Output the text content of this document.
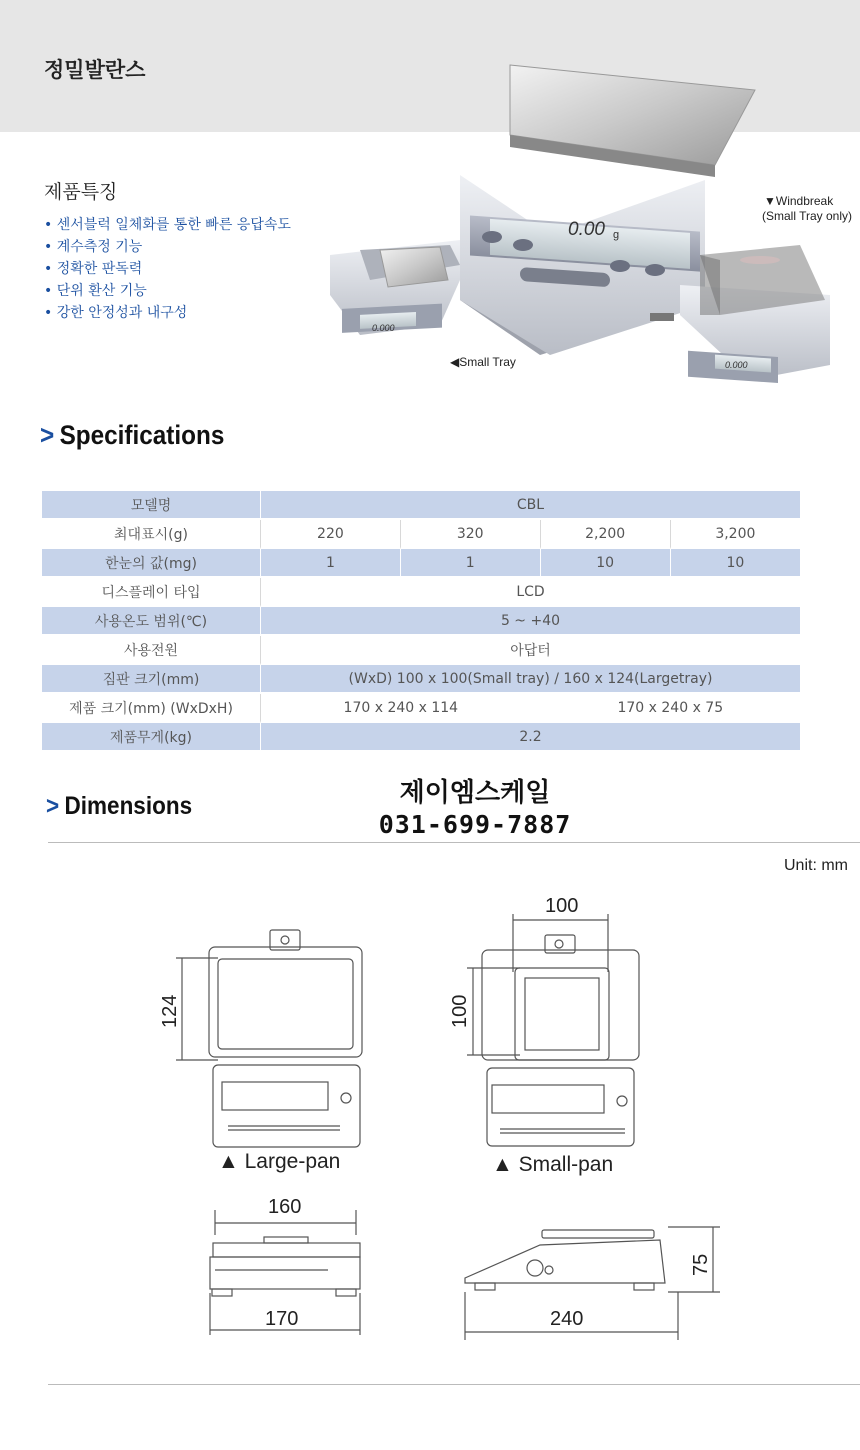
정밀발란스
제품특징
• 센서블럭 일체화를 통한 빠른 응답속도
• 계수측정 기능
• 정확한 판독력
• 단위 환산 기능
• 강한 안정성과 내구성
CAS
0.00 g
0.000
◀Small Tray	0.000
▼Windbreak
(Small Tray only)
> Specifications
모델명	CBL			
최대표시(g)	220	320	2,200	3,200
한눈의 값(mg)	1	1	10	10
디스플레이 타입	LCD			
사용온도 범위(℃)	5 ~ +40			
사용전원	아답터			
짐판 크기(mm)	(WxD) 100 x 100(Small tray) / 160 x 124(Largetray)			
제품 크기(mm) (WxDxH)	170 x 240 x 114		170 x 240 x 75	
제품무게(kg)	2.2			
> Dimensions	제이엠스케일
031-699-7887
Unit: mm
124
100
100
160
170	240
75
▲ Large-pan	▲ Small-pan
